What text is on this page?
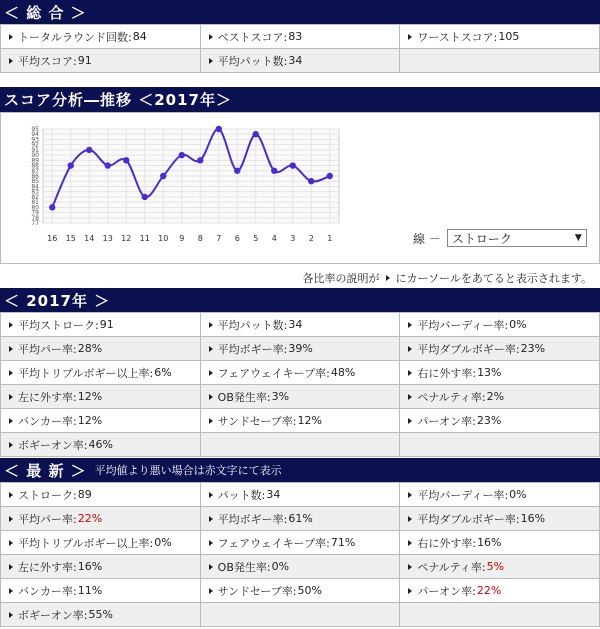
＜ 総 合 ＞
トータルラウンド回数: 84	ベストスコア: 83	ワーストスコア: 105
平均スコア: 91	平均パット数: 34
スコア分析―推移 ＜2017年＞
95
94
93
92
91
90
89
88
87
86
85
84
83
82
81
80
79
78
77
16 15 14 13 12 11 10 9 8 7 6 5 4 3 2 1	線 － ストローク	▼
各比率の説明が にカーソールをあてると表示されます。
＜ 2017年 ＞
平均ストローク: 91	平均パット数: 34	平均バーディー率: 0%
平均パー率: 28%	平均ボギー率: 39%	平均ダブルボギー率: 23%
平均トリプルボギー以上率: 6%	フェアウェイキープ率: 48%	右に外す率: 13%
左に外す率: 12%	OB発生率: 3%	ペナルティ率: 2%
バンカー率: 12%	サンドセーブ率: 12%	パーオン率: 23%
ボギーオン率: 46%
＜ 最 新 ＞ 平均値より悪い場合は赤文字にて表示
ストローク: 89	パット数: 34	平均バーディー率: 0%
平均パー率: 22%	平均ボギー率: 61%	平均ダブルボギー率: 16%
平均トリプルボギー以上率: 0%	フェアウェイキープ率: 71%	右に外す率: 16%
左に外す率: 16%	OB発生率: 0%	ペナルティ率: 5%
バンカー率: 11%	サンドセーブ率: 50%	パーオン率: 22%
ボギーオン率: 55%
